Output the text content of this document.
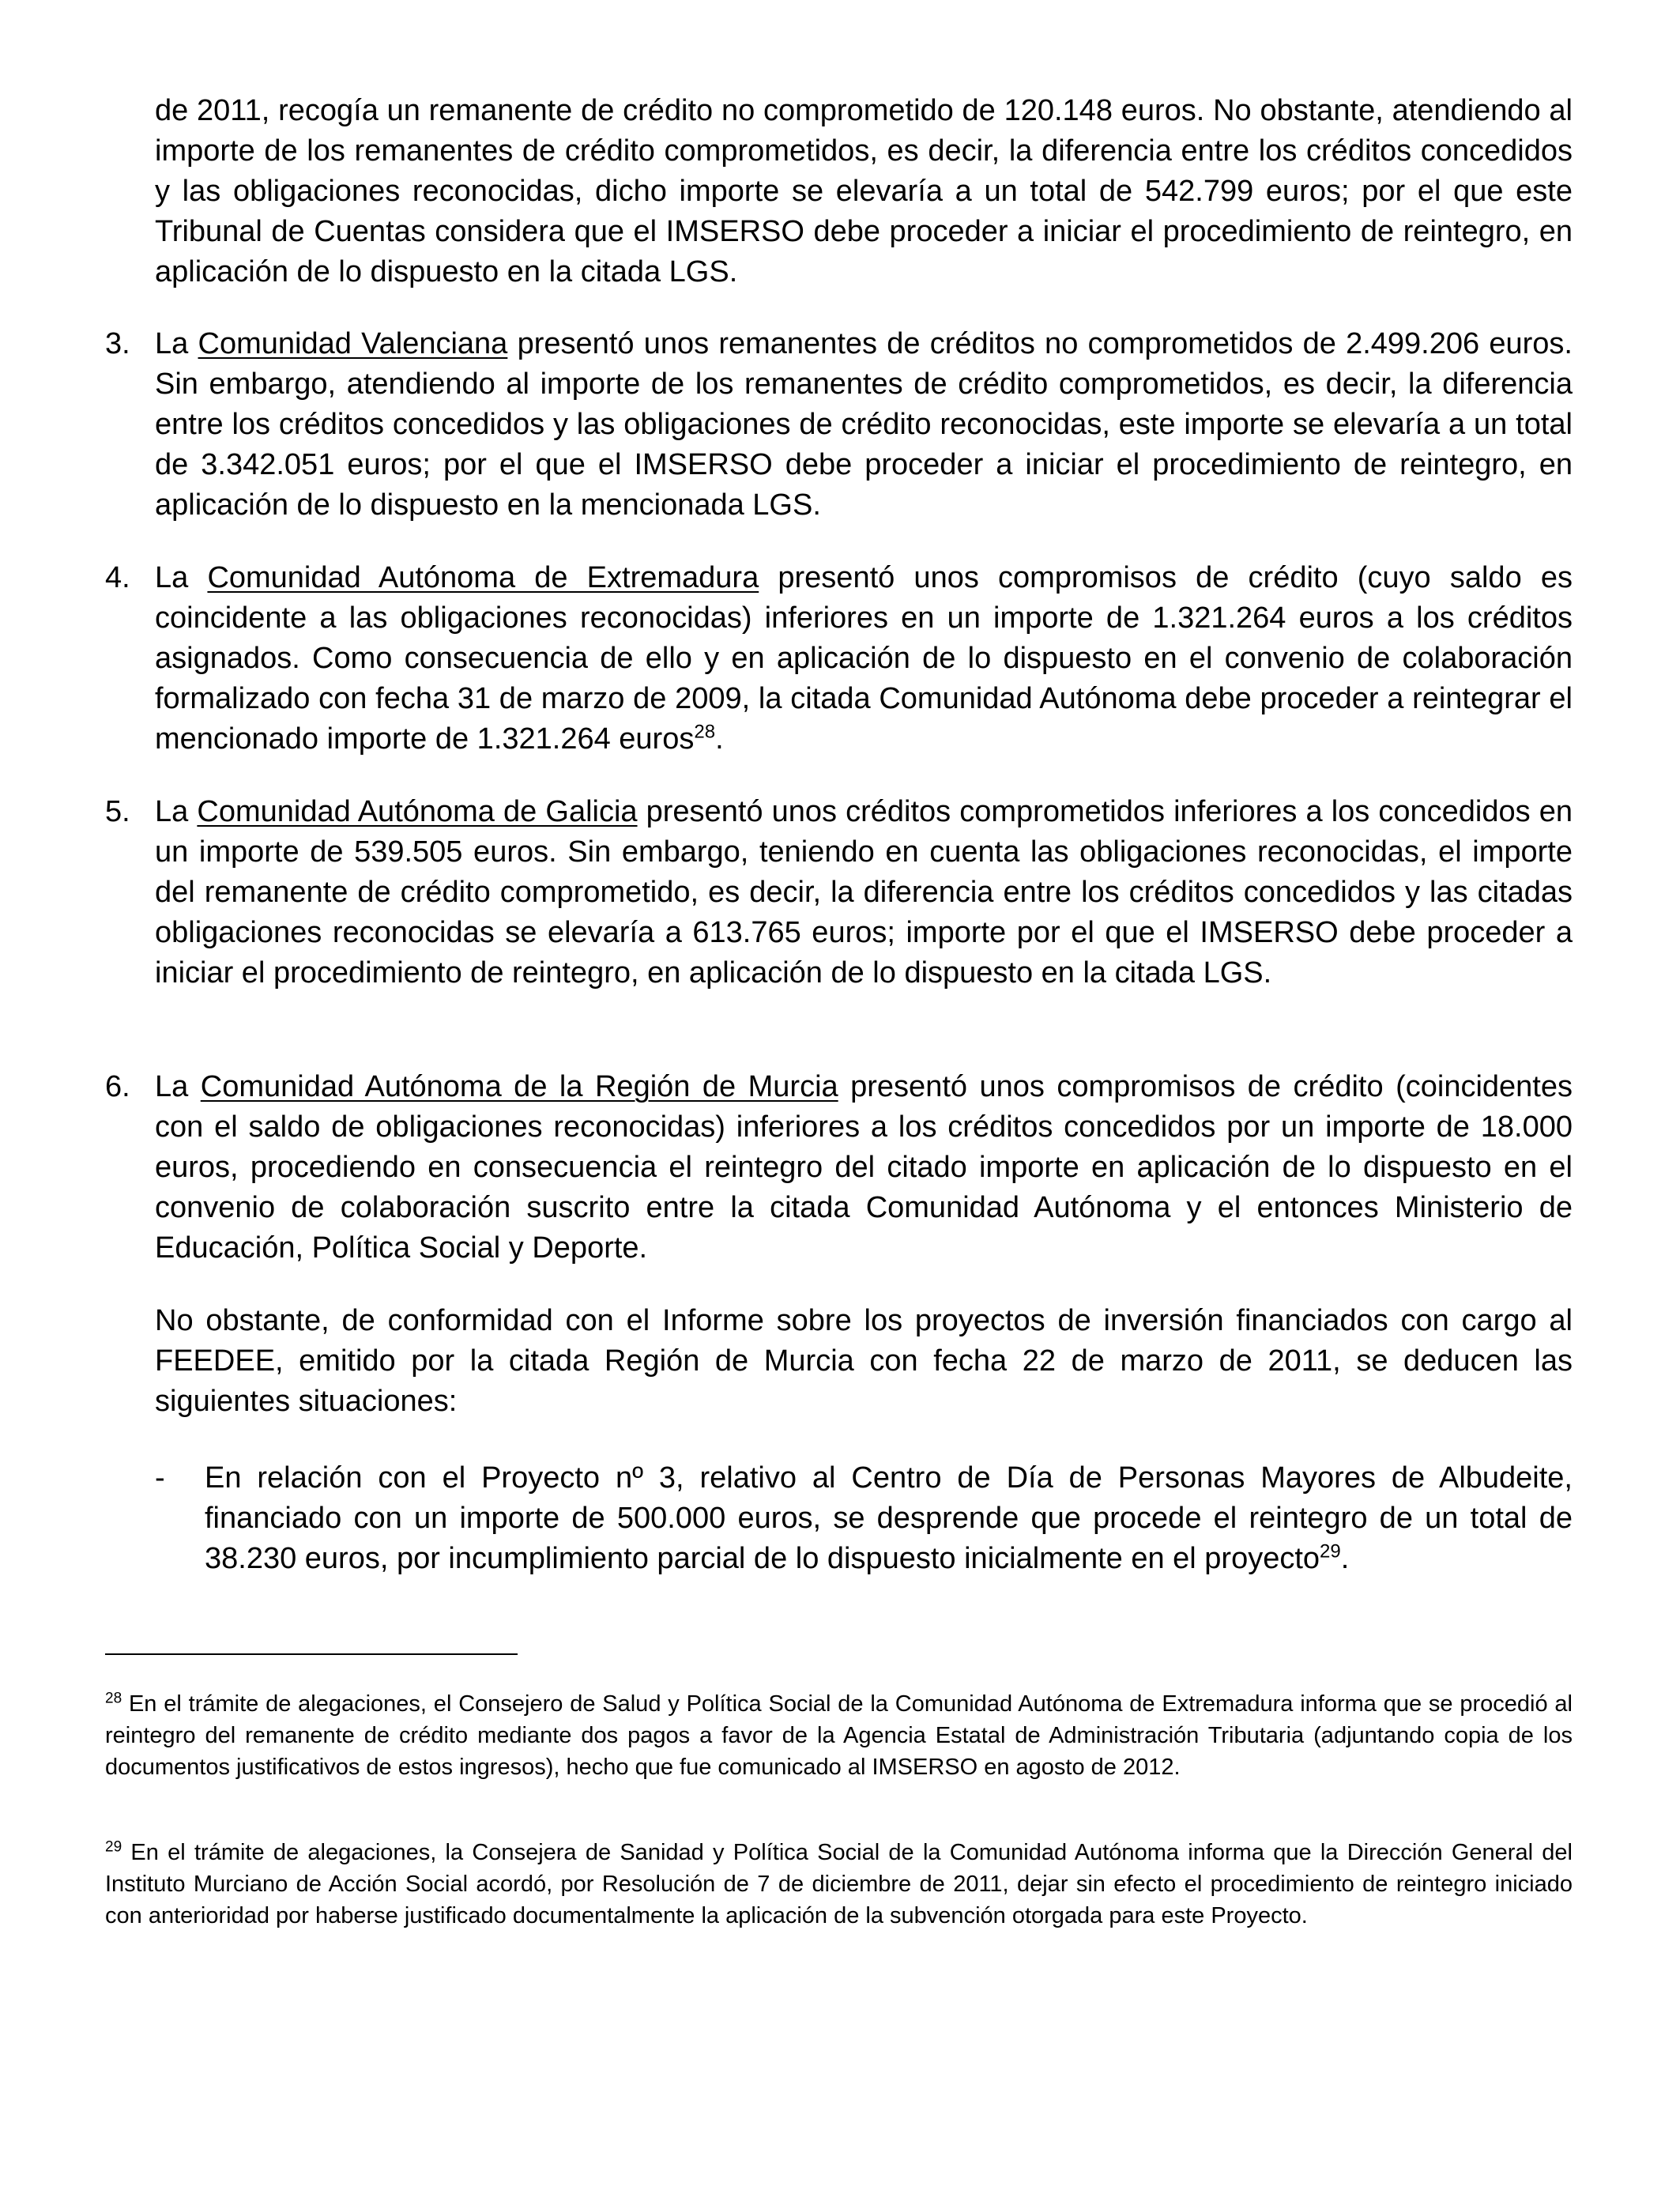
de 2011, recogía un remanente de crédito no comprometido de 120.148 euros. No obstante, atendiendo al importe de los remanentes de crédito comprometidos, es decir, la diferencia entre los créditos concedidos y las obligaciones reconocidas, dicho importe se elevaría a un total de 542.799 euros; por el que este Tribunal de Cuentas considera que el IMSERSO debe proceder a iniciar el procedimiento de reintegro, en aplicación de lo dispuesto en la citada LGS.

3. La Comunidad Valenciana presentó unos remanentes de créditos no comprometidos de 2.499.206 euros. Sin embargo, atendiendo al importe de los remanentes de crédito comprometidos, es decir, la diferencia entre los créditos concedidos y las obligaciones de crédito reconocidas, este importe se elevaría a un total de 3.342.051 euros; por el que el IMSERSO debe proceder a iniciar el procedimiento de reintegro, en aplicación de lo dispuesto en la mencionada LGS.

4. La Comunidad Autónoma de Extremadura presentó unos compromisos de crédito (cuyo saldo es coincidente a las obligaciones reconocidas) inferiores en un importe de 1.321.264 euros a los créditos asignados. Como consecuencia de ello y en aplicación de lo dispuesto en el convenio de colaboración formalizado con fecha 31 de marzo de 2009, la citada Comunidad Autónoma debe proceder a reintegrar el mencionado importe de 1.321.264 euros$^{28}$.

5. La Comunidad Autónoma de Galicia presentó unos créditos comprometidos inferiores a los concedidos en un importe de 539.505 euros. Sin embargo, teniendo en cuenta las obligaciones reconocidas, el importe del remanente de crédito comprometido, es decir, la diferencia entre los créditos concedidos y las citadas obligaciones reconocidas se elevaría a 613.765 euros; importe por el que el IMSERSO debe proceder a iniciar el procedimiento de reintegro, en aplicación de lo dispuesto en la citada LGS.

6. La Comunidad Autónoma de la Región de Murcia presentó unos compromisos de crédito (coincidentes con el saldo de obligaciones reconocidas) inferiores a los créditos concedidos por un importe de 18.000 euros, procediendo en consecuencia el reintegro del citado importe en aplicación de lo dispuesto en el convenio de colaboración suscrito entre la citada Comunidad Autónoma y el entonces Ministerio de Educación, Política Social y Deporte.

No obstante, de conformidad con el Informe sobre los proyectos de inversión financiados con cargo al FEEDEE, emitido por la citada Región de Murcia con fecha 22 de marzo de 2011, se deducen las siguientes situaciones:

- En relación con el Proyecto nº 3, relativo al Centro de Día de Personas Mayores de Albudeite, financiado con un importe de 500.000 euros, se desprende que procede el reintegro de un total de 38.230 euros, por incumplimiento parcial de lo dispuesto inicialmente en el proyecto$^{29}$.

$^{28}$ En el trámite de alegaciones, el Consejero de Salud y Política Social de la Comunidad Autónoma de Extremadura informa que se procedió al reintegro del remanente de crédito mediante dos pagos a favor de la Agencia Estatal de Administración Tributaria (adjuntando copia de los documentos justificativos de estos ingresos), hecho que fue comunicado al IMSERSO en agosto de 2012.

$^{29}$ En el trámite de alegaciones, la Consejera de Sanidad y Política Social de la Comunidad Autónoma informa que la Dirección General del Instituto Murciano de Acción Social acordó, por Resolución de 7 de diciembre de 2011, dejar sin efecto el procedimiento de reintegro iniciado con anterioridad por haberse justificado documentalmente la aplicación de la subvención otorgada para este Proyecto.
